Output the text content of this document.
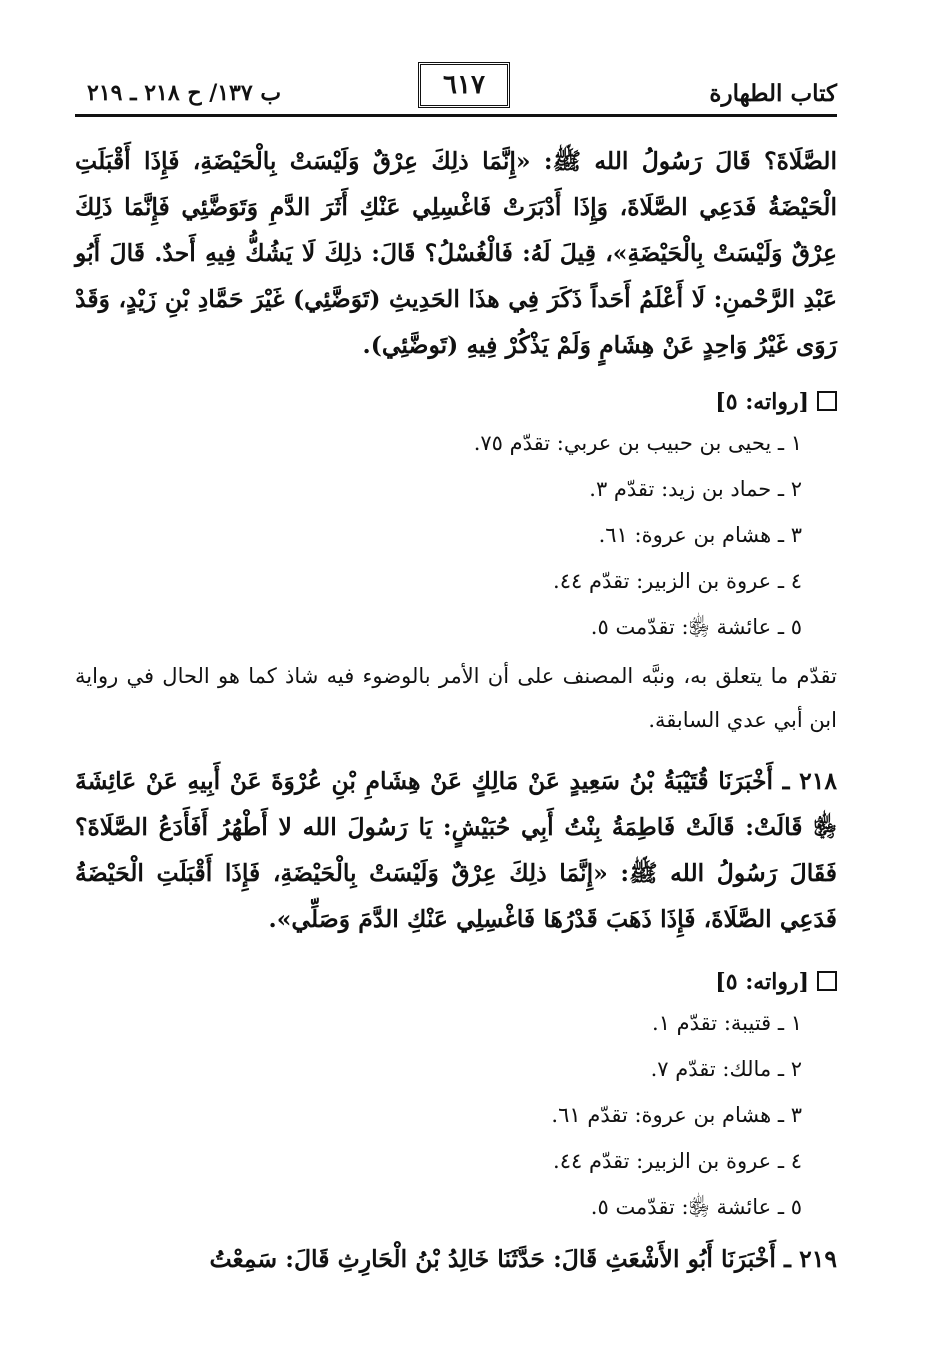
كتاب الطهارة
٦١٧
ب ١٣٧/ ح ٢١٨ ـ ٢١٩

الصَّلَاةَ؟ قَالَ رَسُولُ الله ﷺ: «إِنَّمَا ذلِكَ عِرْقٌ وَلَيْسَتْ بِالْحَيْضَةِ، فَإِذَا أَقْبَلَتِ الْحَيْضَةُ فَدَعِي الصَّلَاةَ، وَإِذَا أَدْبَرَتْ فَاغْسِلِي عَنْكِ أَثَرَ الدَّمِ وَتَوَضَّئِي فَإِنَّمَا ذَلِكَ عِرْقٌ وَلَيْسَتْ بِالْحَيْضَةِ»، قِيلَ لَهُ: فَالْغُسْلُ؟ قَالَ: ذلِكَ لَا يَشُكُّ فِيهِ أَحدٌ. قَالَ أَبُو عَبْدِ الرَّحْمنِ: لَا أَعْلَمُ أَحَداً ذَكَرَ فِي هذَا الحَدِيثِ (تَوَضَّئِي) غَيْرَ حَمَّادِ بْنِ زَيْدٍ، وَقَدْ رَوَى غَيْرُ وَاحِدٍ عَنْ هِشَامٍ وَلَمْ يَذْكُرْ فِيهِ (تَوضَّئِي).

[رواته: ٥]
١ ـ يحيى بن حبيب بن عربي: تقدّم ٧٥.
٢ ـ حماد بن زيد: تقدّم ٣.
٣ ـ هشام بن عروة: ٦١.
٤ ـ عروة بن الزبير: تقدّم ٤٤.
٥ ـ عائشة ﵂: تقدّمت ٥.

تقدّم ما يتعلق به، ونبَّه المصنف على أن الأمر بالوضوء فيه شاذ كما هو الحال في رواية ابن أبي عدي السابقة.

٢١٨ ـ أَخْبَرَنَا قُتَيْبَةُ بْنُ سَعِيدٍ عَنْ مَالِكٍ عَنْ هِشَامِ بْنِ عُرْوَةَ عَنْ أَبِيهِ عَنْ عَائِشَةَ ﵂ قَالَتْ: قَالَتْ فَاطِمَةُ بِنْتُ أَبِي حُبَيْشٍ: يَا رَسُولَ الله لا أَطْهُرُ أَفَأَدَعُ الصَّلَاةَ؟ فَقَالَ رَسُولُ الله ﷺ: «إِنَّمَا ذلِكَ عِرْقٌ وَلَيْسَتْ بِالْحَيْضَةِ، فَإِذَا أَقْبَلَتِ الْحَيْضَةُ فَدَعِي الصَّلَاةَ، فَإِذَا ذَهَبَ قَدْرُهَا فَاغْسِلِي عَنْكِ الدَّمَ وَصَلِّي».

[رواته: ٥]
١ ـ قتيبة: تقدّم ١.
٢ ـ مالك: تقدّم ٧.
٣ ـ هشام بن عروة: تقدّم ٦١.
٤ ـ عروة بن الزبير: تقدّم ٤٤.
٥ ـ عائشة ﵂: تقدّمت ٥.

٢١٩ ـ أَخْبَرَنَا أَبُو الأَشْعَثِ قَالَ: حَدَّثَنَا خَالِدُ بْنُ الْحَارِثِ قَالَ: سَمِعْتُ
